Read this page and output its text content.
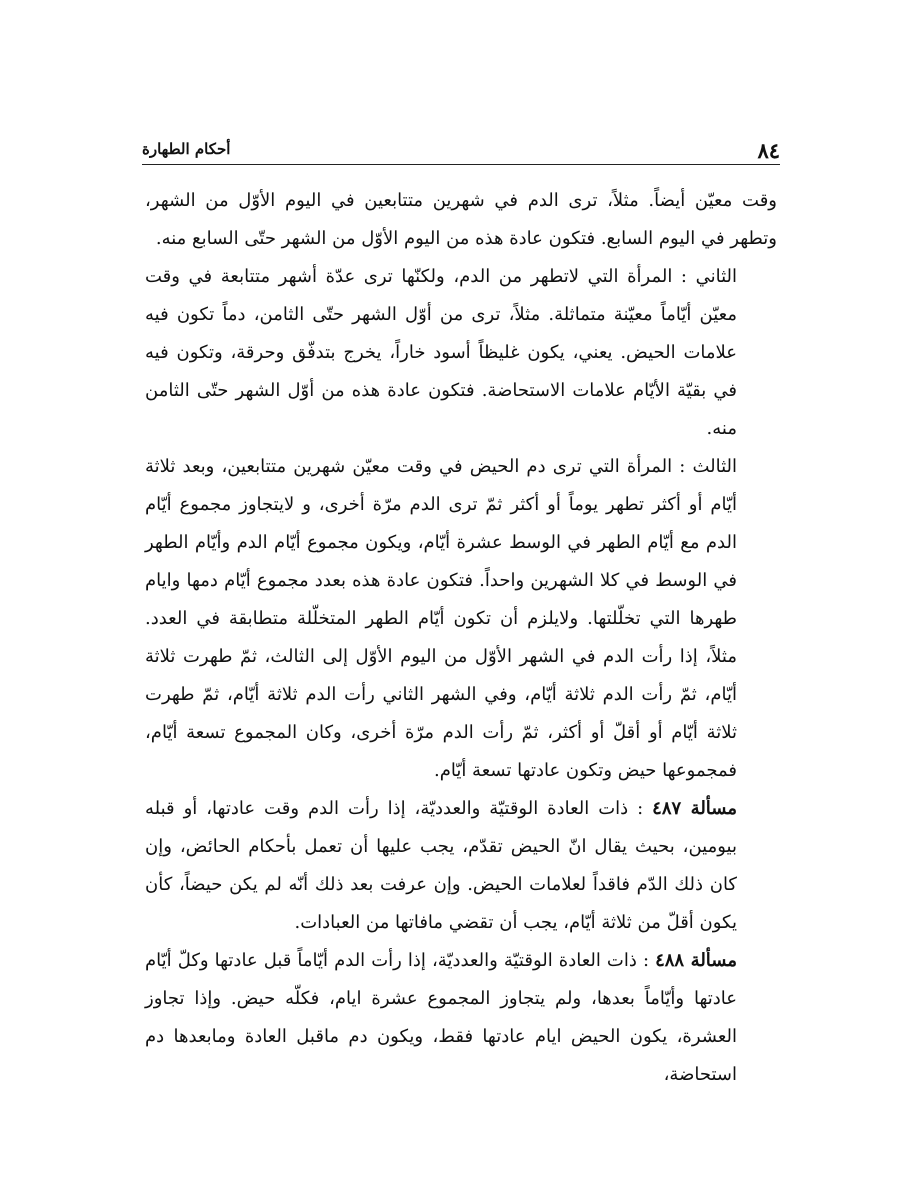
٨٤
أحكام الطهارة

وقت معيّن أيضاً. مثلاً، ترى الدم في شهرين متتابعين في اليوم الأوّل من الشهر، وتطهر في اليوم السابع. فتكون عادة هذه من اليوم الأوّل من الشهر حتّى السابع منه.

الثاني : المرأة التي لاتطهر من الدم، ولكنّها ترى عدّة أشهر متتابعة في وقت معيّن أيّاماً معيّنة متماثلة. مثلاً، ترى من أوّل الشهر حتّى الثامن، دماً تكون فيه علامات الحيض. يعني، يكون غليظاً أسود خاراً، يخرج بتدفّق وحرقة، وتكون فيه في بقيّة الأيّام علامات الاستحاضة. فتكون عادة هذه من أوّل الشهر حتّى الثامن منه.

الثالث : المرأة التي ترى دم الحيض في وقت معيّن شهرين متتابعين، وبعد ثلاثة أيّام أو أكثر تطهر يوماً أو أكثر ثمّ ترى الدم مرّة أخرى، و لايتجاوز مجموع أيّام الدم مع أيّام الطهر في الوسط عشرة أيّام، ويكون مجموع أيّام الدم وأيّام الطهر في الوسط في كلا الشهرين واحداً. فتكون عادة هذه بعدد مجموع أيّام دمها وايام طهرها التي تخلّلتها. ولايلزم أن تكون أيّام الطهر المتخلّلة متطابقة في العدد. مثلاً، إذا رأت الدم في الشهر الأوّل من اليوم الأوّل إلى الثالث، ثمّ طهرت ثلاثة أيّام، ثمّ رأت الدم ثلاثة أيّام، وفي الشهر الثاني رأت الدم ثلاثة أيّام، ثمّ طهرت ثلاثة أيّام أو أقلّ أو أكثر، ثمّ رأت الدم مرّة أخرى، وكان المجموع تسعة أيّام، فمجموعها حيض وتكون عادتها تسعة أيّام.

مسألة ٤٨٧ : ذات العادة الوقتيّة والعدديّة، إذا رأت الدم وقت عادتها، أو قبله بيومين، بحيث يقال انّ الحيض تقدّم، يجب عليها أن تعمل بأحكام الحائض، وإن كان ذلك الدّم فاقداً لعلامات الحيض. وإن عرفت بعد ذلك أنّه لم يكن حيضاً، كأن يكون أقلّ من ثلاثة أيّام، يجب أن تقضي مافاتها من العبادات.

مسألة ٤٨٨ : ذات العادة الوقتيّة والعدديّة، إذا رأت الدم أيّاماً قبل عادتها وكلّ أيّام عادتها وأيّاماً بعدها، ولم يتجاوز المجموع عشرة ايام، فكلّه حيض. وإذا تجاوز العشرة، يكون الحيض ايام عادتها فقط، ويكون دم ماقبل العادة ومابعدها دم استحاضة،
